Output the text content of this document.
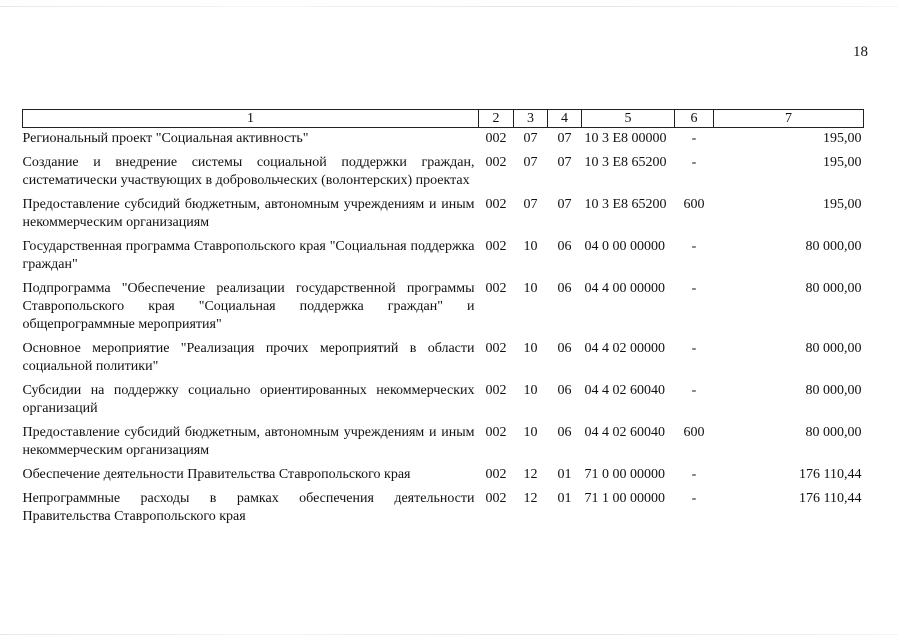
18
1	2	3	4	5	6	7
Региональный проект "Социальная активность"	002	07	07	10 3 E8 00000	-	195,00
Создание и внедрение системы социальной поддержки граждан, систематически участвующих в добровольческих (волонтерских) проектах	002	07	07	10 3 E8 65200	-	195,00
Предоставление субсидий бюджетным, автономным учреждениям и иным некоммерческим организациям	002	07	07	10 3 E8 65200	600	195,00
Государственная программа Ставропольского края "Социальная поддержка граждан"	002	10	06	04 0 00 00000	-	80 000,00
Подпрограмма "Обеспечение реализации государственной программы Ставропольского края "Социальная поддержка граждан" и общепрограммные мероприятия"	002	10	06	04 4 00 00000	-	80 000,00
Основное мероприятие "Реализация прочих мероприятий в области социальной политики"	002	10	06	04 4 02 00000	-	80 000,00
Субсидии на поддержку социально ориентированных некоммерческих организаций	002	10	06	04 4 02 60040	-	80 000,00
Предоставление субсидий бюджетным, автономным учреждениям и иным некоммерческим организациям	002	10	06	04 4 02 60040	600	80 000,00
Обеспечение деятельности Правительства Ставропольского края	002	12	01	71 0 00 00000	-	176 110,44
Непрограммные расходы в рамках обеспечения деятельности Правительства Ставропольского края	002	12	01	71 1 00 00000	-	176 110,44
